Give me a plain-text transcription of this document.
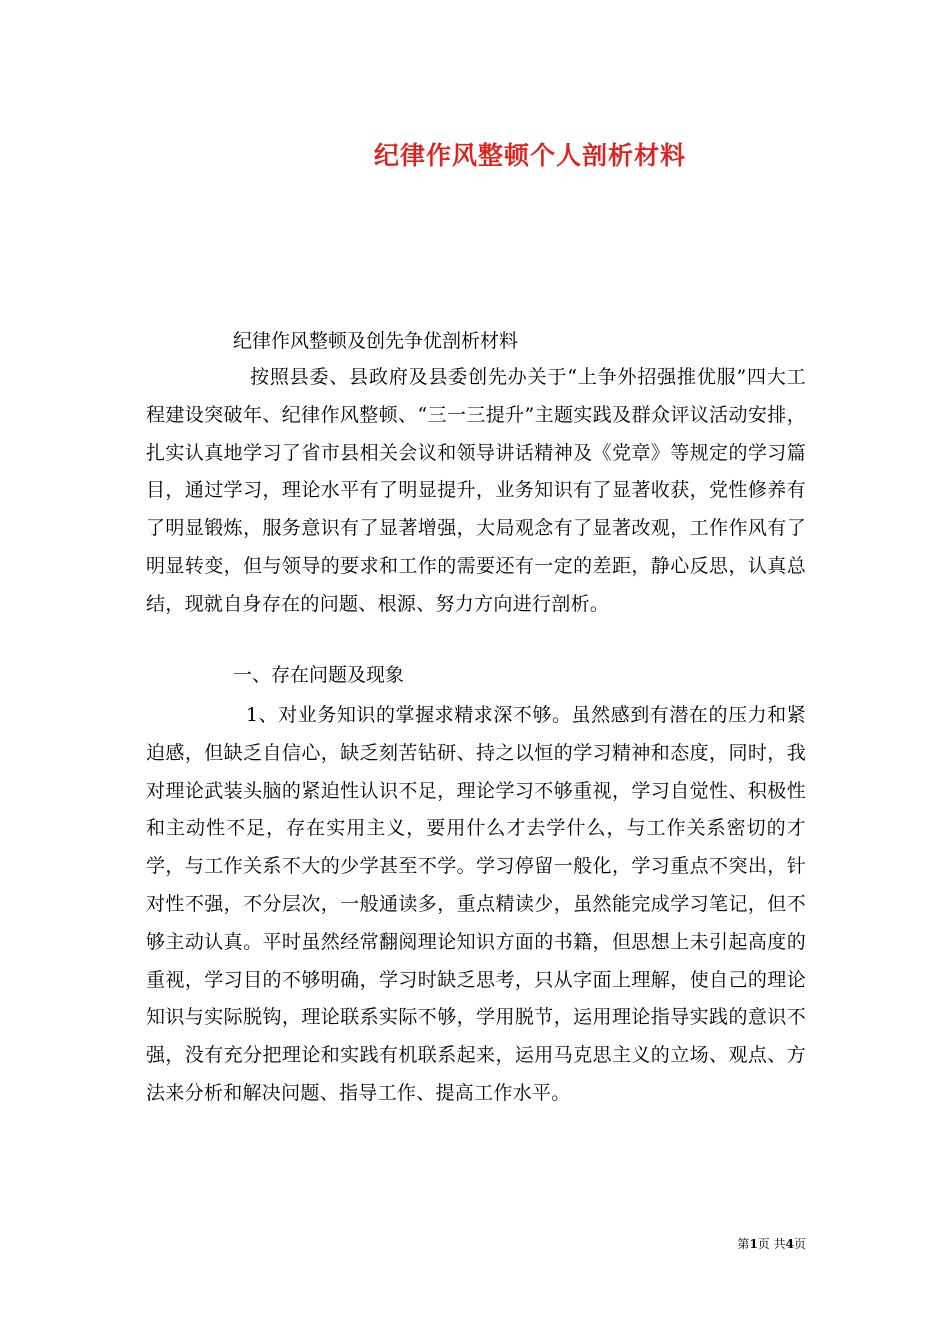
纪律作风整顿个人剖析材料
纪律作风整顿及创先争优剖析材料
按照县委、县政府及县委创先办关于“上争外招强推优服”四大工程建设突破年、纪律作风整顿、“三一三提升”主题实践及群众评议活动安排，扎实认真地学习了省市县相关会议和领导讲话精神及《党章》等规定的学习篇目，通过学习，理论水平有了明显提升，业务知识有了显著收获，党性修养有了明显锻炼，服务意识有了显著增强，大局观念有了显著改观，工作作风有了明显转变，但与领导的要求和工作的需要还有一定的差距，静心反思，认真总结，现就自身存在的问题、根源、努力方向进行剖析。
一、存在问题及现象
1、对业务知识的掌握求精求深不够。虽然感到有潜在的压力和紧迫感，但缺乏自信心，缺乏刻苦钻研、持之以恒的学习精神和态度，同时，我对理论武装头脑的紧迫性认识不足，理论学习不够重视，学习自觉性、积极性和主动性不足，存在实用主义，要用什么才去学什么，与工作关系密切的才学，与工作关系不大的少学甚至不学。学习停留一般化，学习重点不突出，针对性不强，不分层次，一般通读多，重点精读少，虽然能完成学习笔记，但不够主动认真。平时虽然经常翻阅理论知识方面的书籍，但思想上未引起高度的重视，学习目的不够明确，学习时缺乏思考，只从字面上理解，使自己的理论知识与实际脱钩，理论联系实际不够，学用脱节，运用理论指导实践的意识不强，没有充分把理论和实践有机联系起来，运用马克思主义的立场、观点、方法来分析和解决问题、指导工作、提高工作水平。
第1页 共4页
